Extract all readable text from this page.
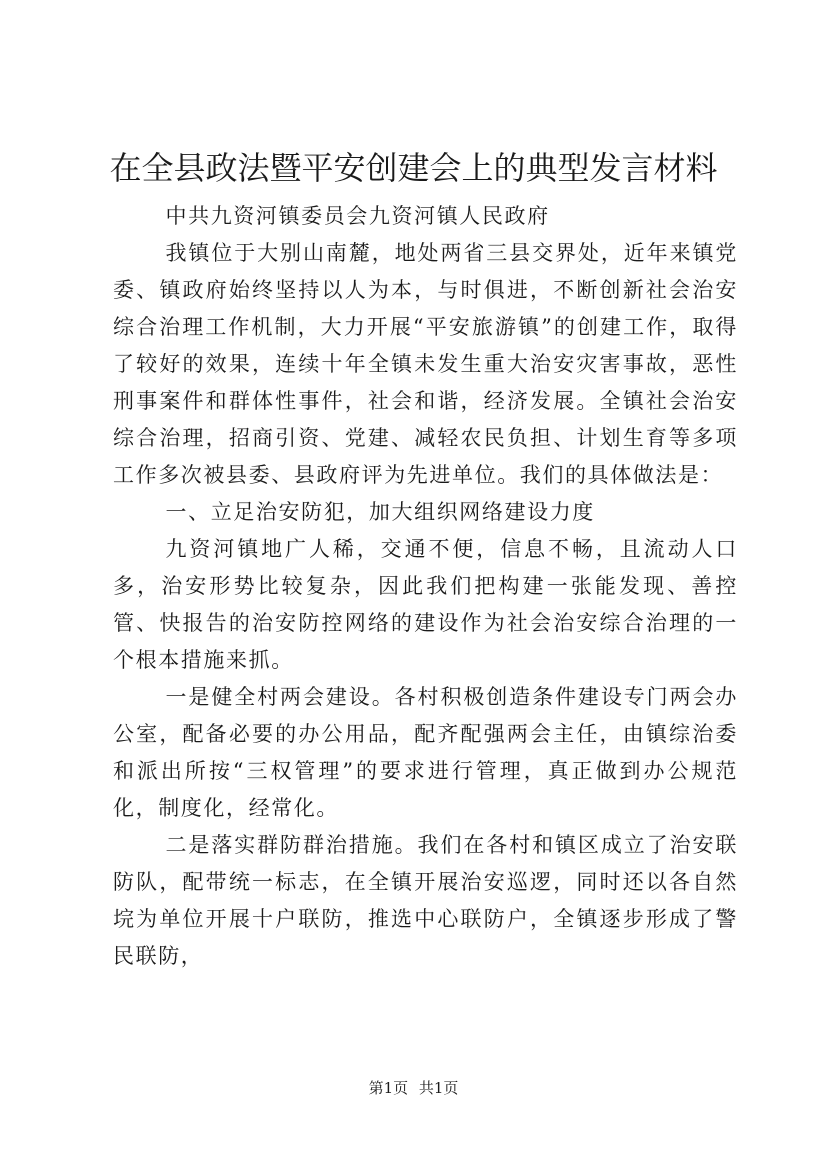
在全县政法暨平安创建会上的典型发言材料

中共九资河镇委员会九资河镇人民政府

我镇位于大别山南麓，地处两省三县交界处，近年来镇党委、镇政府始终坚持以人为本，与时俱进，不断创新社会治安综合治理工作机制，大力开展“平安旅游镇”的创建工作，取得了较好的效果，连续十年全镇未发生重大治安灾害事故，恶性刑事案件和群体性事件，社会和谐，经济发展。全镇社会治安综合治理，招商引资、党建、减轻农民负担、计划生育等多项工作多次被县委、县政府评为先进单位。我们的具体做法是：

一、立足治安防犯，加大组织网络建设力度

九资河镇地广人稀，交通不便，信息不畅，且流动人口多，治安形势比较复杂，因此我们把构建一张能发现、善控管、快报告的治安防控网络的建设作为社会治安综合治理的一个根本措施来抓。

一是健全村两会建设。各村积极创造条件建设专门两会办公室，配备必要的办公用品，配齐配强两会主任，由镇综治委和派出所按“三权管理”的要求进行管理，真正做到办公规范化，制度化，经常化。

二是落实群防群治措施。我们在各村和镇区成立了治安联防队，配带统一标志，在全镇开展治安巡逻，同时还以各自然垸为单位开展十户联防，推选中心联防户，全镇逐步形成了警民联防，

第1页 共1页
